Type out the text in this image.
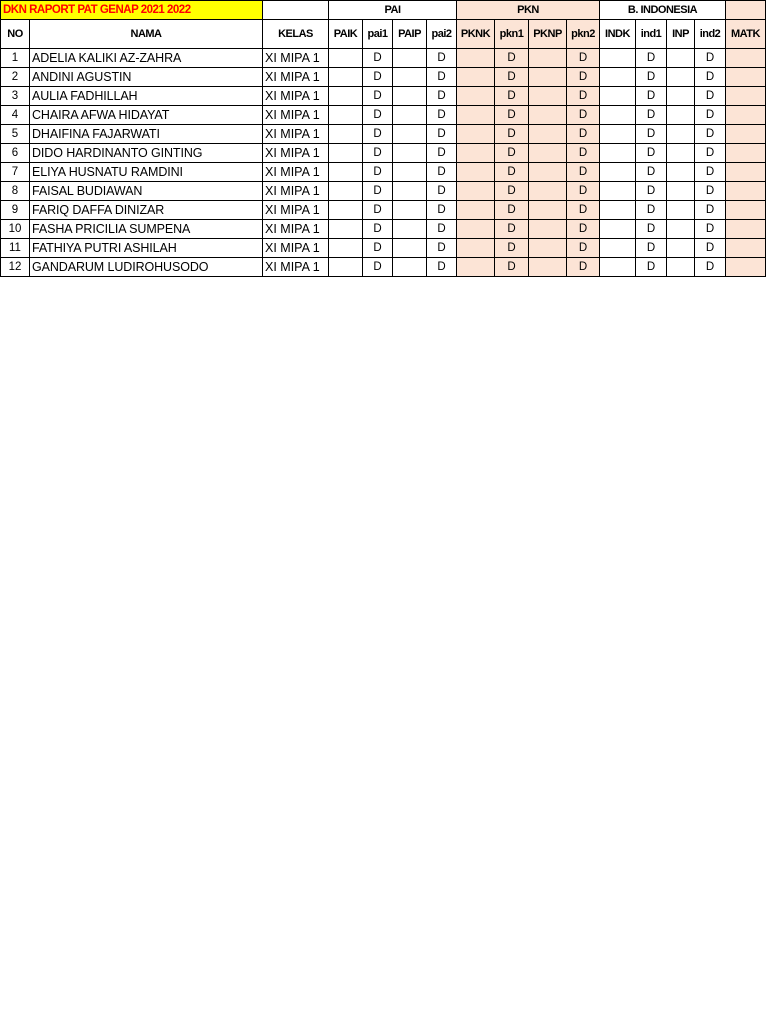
DKN RAPORT PAT GENAP 2021 2022			PAI				PKN				B. INDONESIA				
NO	NAMA	KELAS	PAIK	pai1	PAIP	pai2	PKNK	pkn1	PKNP	pkn2	INDK	ind1	INP	ind2	MATK
1	ADELIA KALIKI AZ-ZAHRA	XI MIPA 1		D		D		D		D		D		D	
2	ANDINI AGUSTIN	XI MIPA 1		D		D		D		D		D		D	
3	AULIA FADHILLAH	XI MIPA 1		D		D		D		D		D		D	
4	CHAIRA AFWA HIDAYAT	XI MIPA 1		D		D		D		D		D		D	
5	DHAIFINA FAJARWATI	XI MIPA 1		D		D		D		D		D		D	
6	DIDO HARDINANTO GINTING	XI MIPA 1		D		D		D		D		D		D	
7	ELIYA HUSNATU RAMDINI	XI MIPA 1		D		D		D		D		D		D	
8	FAISAL BUDIAWAN	XI MIPA 1		D		D		D		D		D		D	
9	FARIQ DAFFA DINIZAR	XI MIPA 1		D		D		D		D		D		D	
10	FASHA PRICILIA SUMPENA	XI MIPA 1		D		D		D		D		D		D	
11	FATHIYA PUTRI ASHILAH	XI MIPA 1		D		D		D		D		D		D	
12	GANDARUM LUDIROHUSODO	XI MIPA 1		D		D		D		D		D		D	
